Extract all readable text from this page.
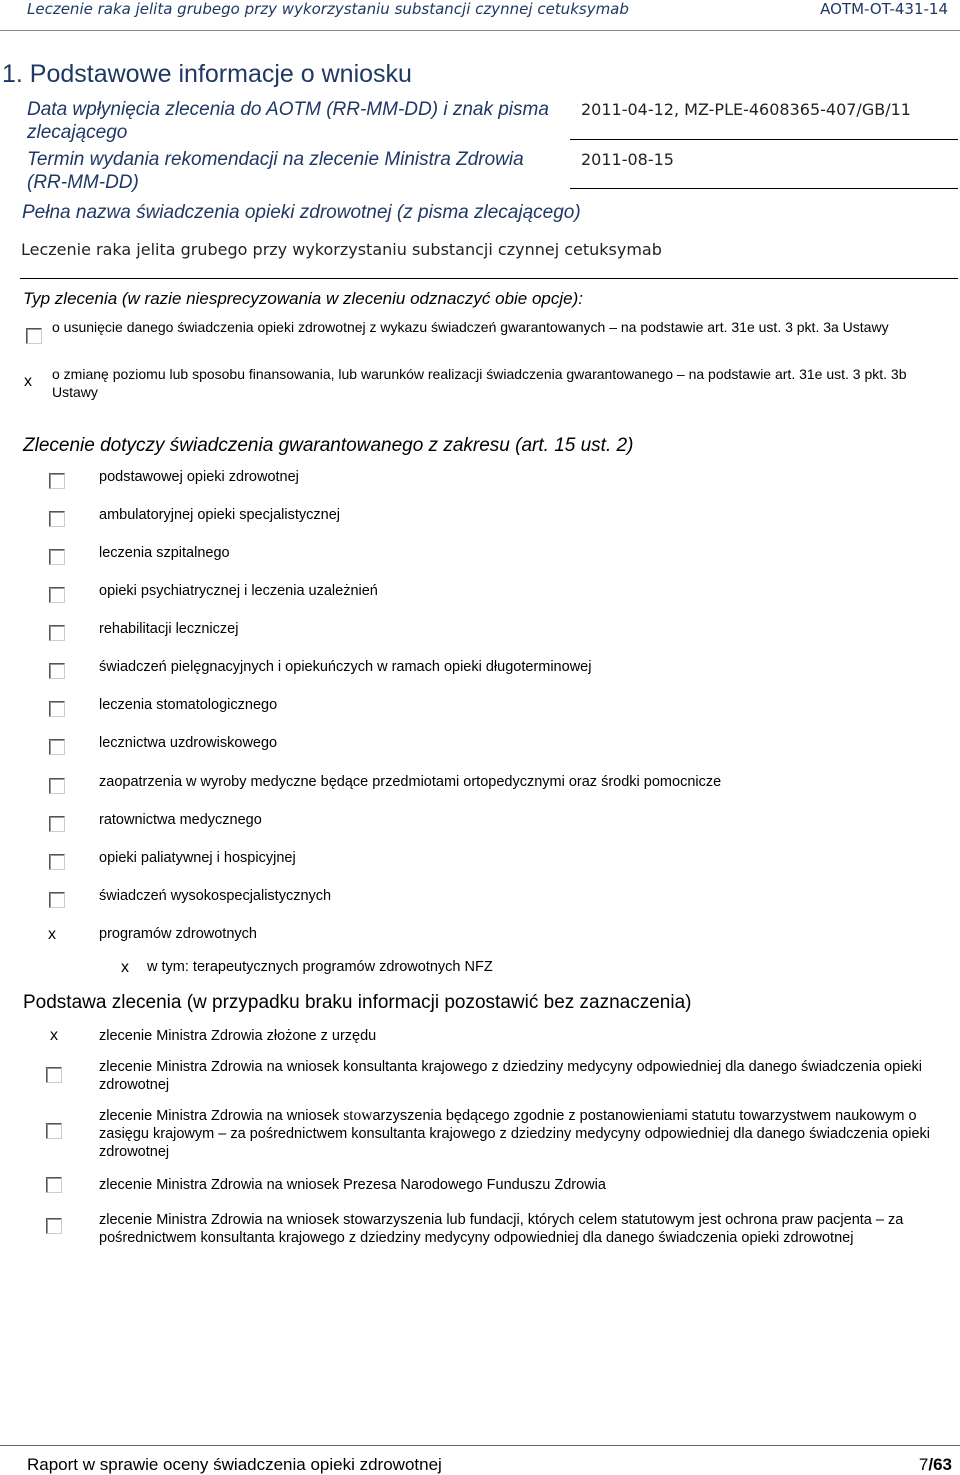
Leczenie raka jelita grubego przy wykorzystaniu substancji czynnej cetuksymab	AOTM-OT-431-14
1. Podstawowe informacje o wniosku
Data wpłynięcia zlecenia do AOTM (RR-MM-DD) i znak pisma zlecającego
2011-04-12, MZ-PLE-4608365-407/GB/11
Termin wydania rekomendacji na zlecenie Ministra Zdrowia (RR-MM-DD)
2011-08-15
Pełna nazwa świadczenia opieki zdrowotnej (z pisma zlecającego)
Leczenie raka jelita grubego przy wykorzystaniu substancji czynnej cetuksymab
Typ zlecenia (w razie niesprecyzowania w zleceniu odznaczyć obie opcje):
o usunięcie danego świadczenia opieki zdrowotnej z wykazu świadczeń gwarantowanych – na podstawie art. 31e ust. 3 pkt. 3a Ustawy
x o zmianę poziomu lub sposobu finansowania, lub warunków realizacji świadczenia gwarantowanego – na podstawie art. 31e ust. 3 pkt. 3b Ustawy
Zlecenie dotyczy świadczenia gwarantowanego z zakresu (art. 15 ust. 2)
podstawowej opieki zdrowotnej
ambulatoryjnej opieki specjalistycznej
leczenia szpitalnego
opieki psychiatrycznej i leczenia uzależnień
rehabilitacji leczniczej
świadczeń pielęgnacyjnych i opiekuńczych w ramach opieki długoterminowej
leczenia stomatologicznego
lecznictwa uzdrowiskowego
zaopatrzenia w wyroby medyczne będące przedmiotami ortopedycznymi oraz środki pomocnicze
ratownictwa medycznego
opieki paliatywnej i hospicyjnej
świadczeń wysokospecjalistycznych
x	programów zdrowotnych
x w tym: terapeutycznych programów zdrowotnych NFZ
Podstawa zlecenia (w przypadku braku informacji pozostawić bez zaznaczenia)
x	zlecenie Ministra Zdrowia złożone z urzędu
zlecenie Ministra Zdrowia na wniosek konsultanta krajowego z dziedziny medycyny odpowiedniej dla danego świadczenia opieki zdrowotnej
zlecenie Ministra Zdrowia na wniosek stowarzyszenia będącego zgodnie z postanowieniami statutu towarzystwem naukowym o zasięgu krajowym – za pośrednictwem konsultanta krajowego z dziedziny medycyny odpowiedniej dla danego świadczenia opieki zdrowotnej
zlecenie Ministra Zdrowia na wniosek Prezesa Narodowego Funduszu Zdrowia
zlecenie Ministra Zdrowia na wniosek stowarzyszenia lub fundacji, których celem statutowym jest ochrona praw pacjenta – za pośrednictwem konsultanta krajowego z dziedziny medycyny odpowiedniej dla danego świadczenia opieki zdrowotnej
Raport w sprawie oceny świadczenia opieki zdrowotnej	7/63
